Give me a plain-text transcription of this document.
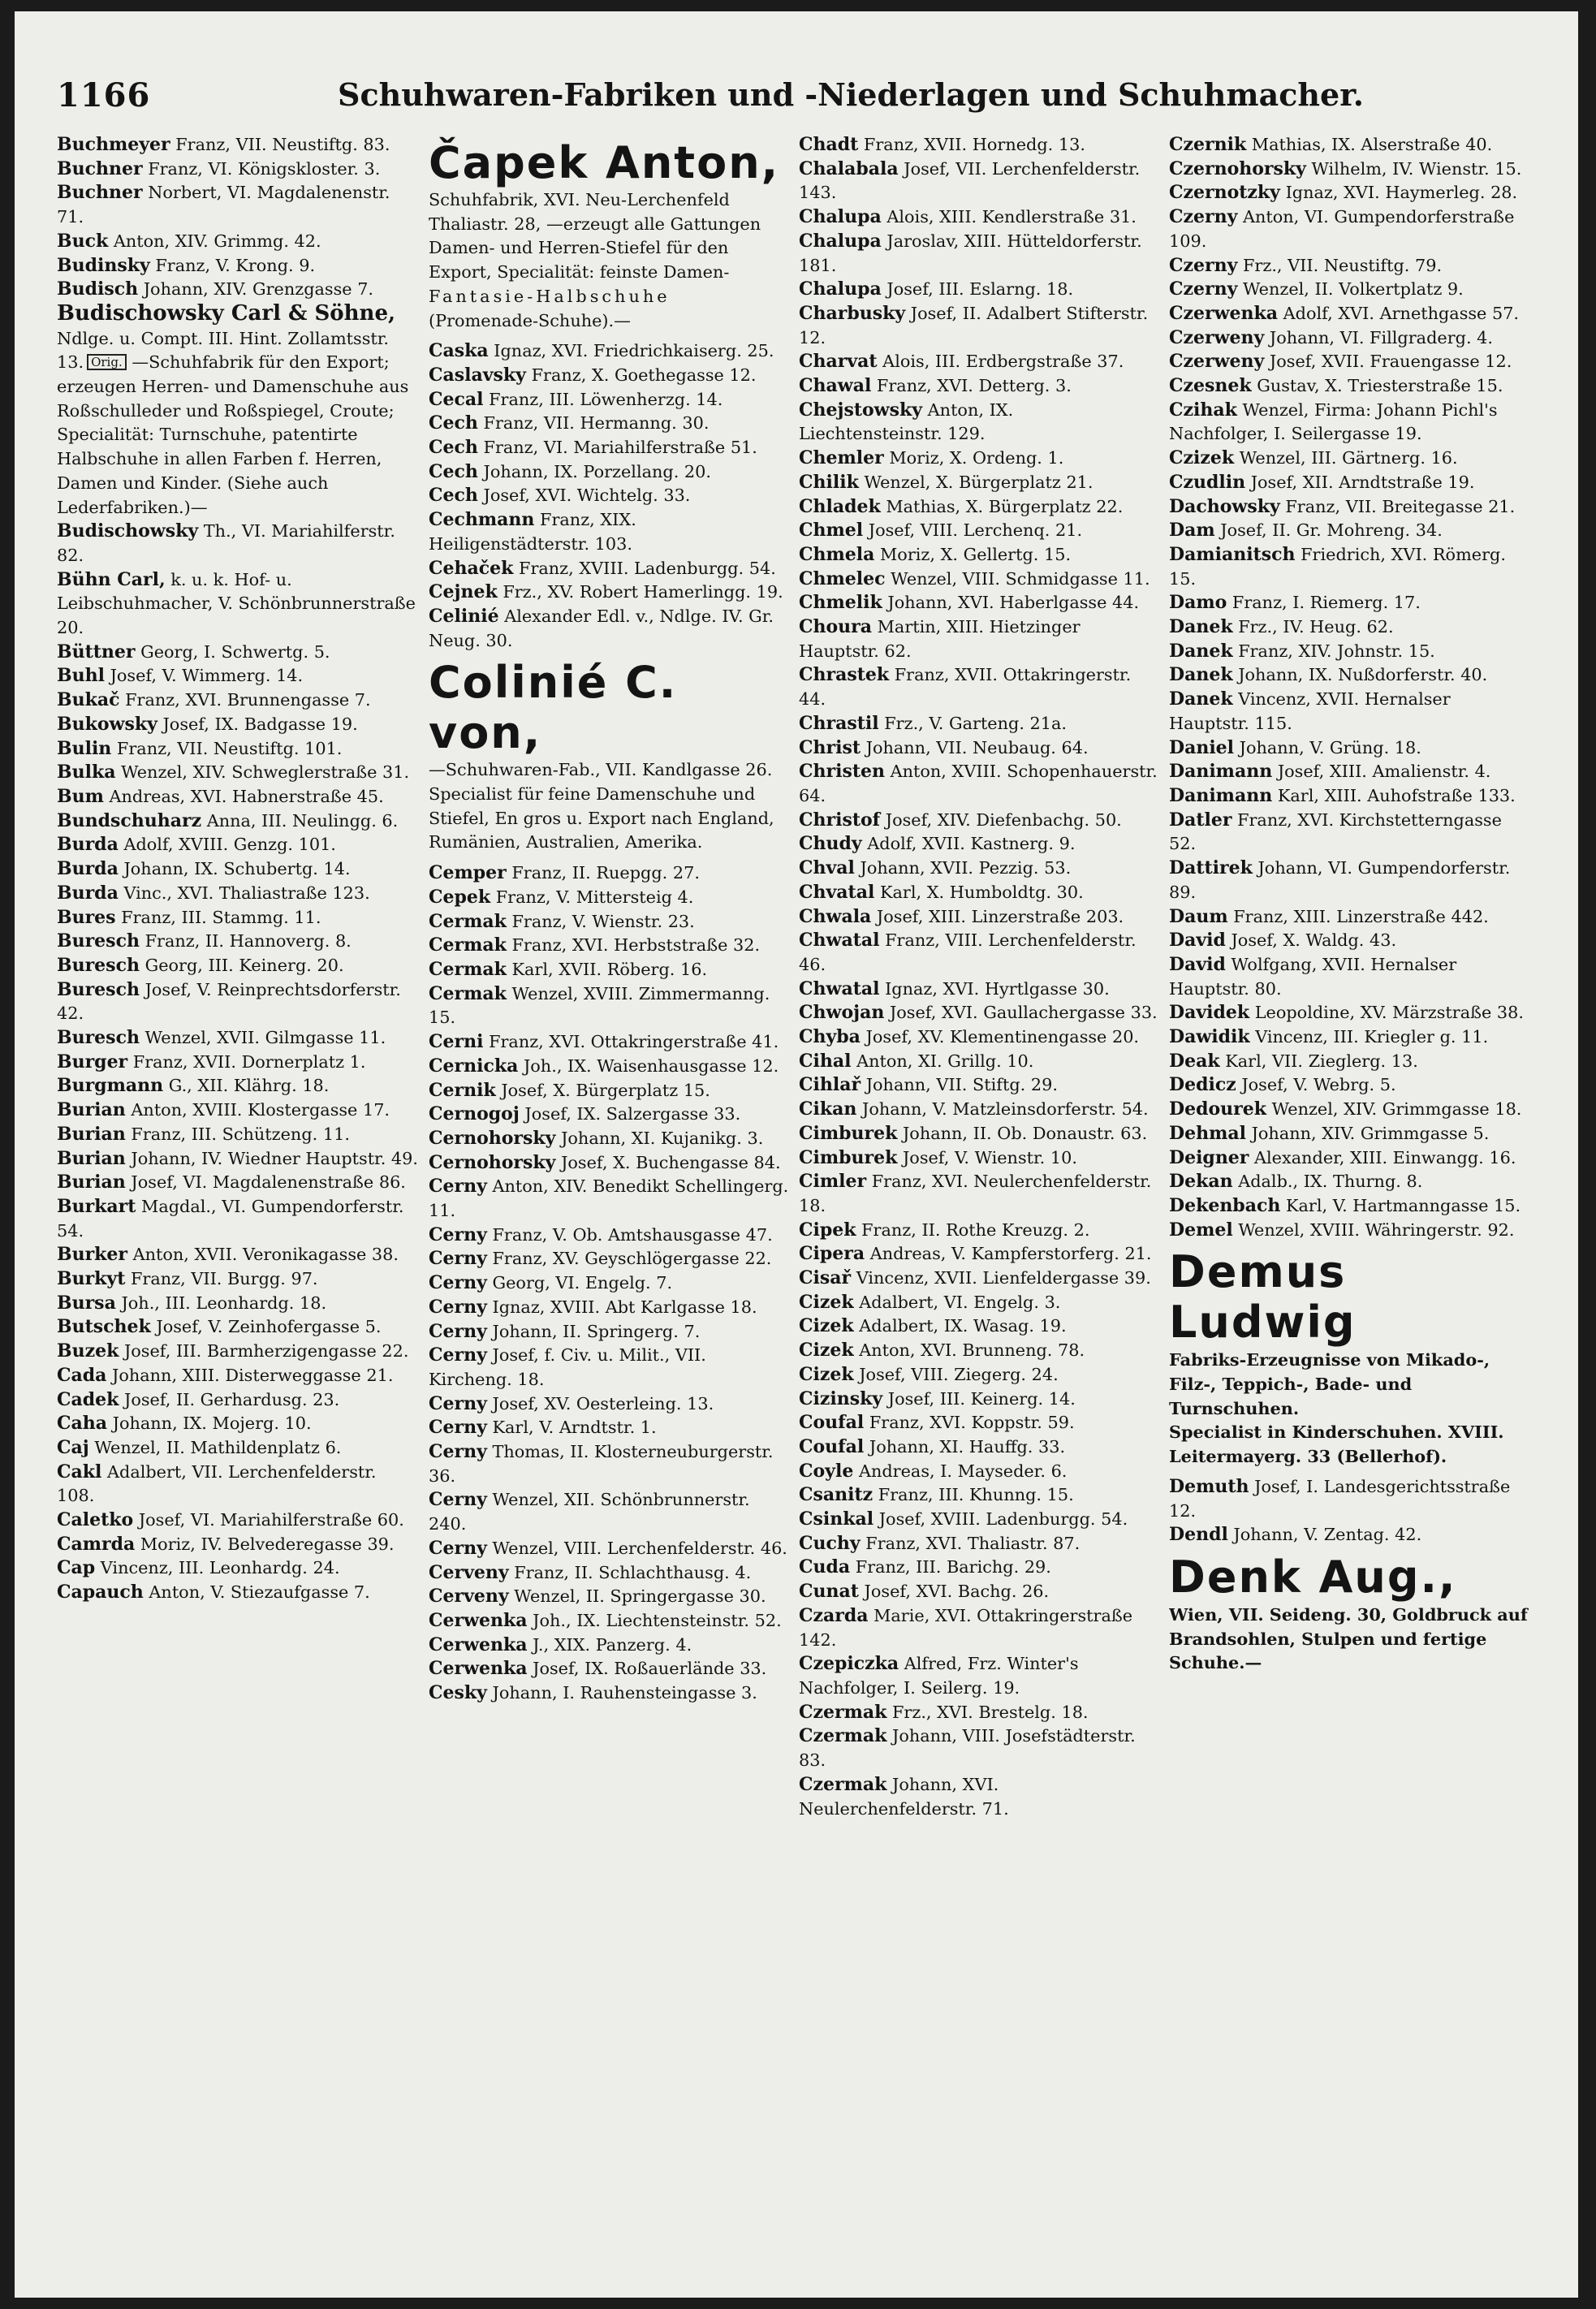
1166	Schuhwaren-Fabriken und -Niederlagen und Schuhmacher.

Buchmeyer Franz, VII. Neustiftg. 83.

Buchner Franz, VI. Königskloster. 3.

Buchner Norbert, VI. Magdalenenstr. 71.

Buck Anton, XIV. Grimmg. 42.

Budinsky Franz, V. Krong. 9.

Budisch Johann, XIV. Grenzgasse 7.

Budischowsky Carl & Söhne, Ndlge. u. Compt. III. Hint. Zollamtsstr. 13. Orig. —Schuhfabrik für den Export; erzeugen Herren- und Damenschuhe aus Roßschulleder und Roßspiegel, Croute; Specialität: Turnschuhe, patentirte Halbschuhe in allen Farben f. Herren, Damen und Kinder. (Siehe auch Lederfabriken.)—

Budischowsky Th., VI. Mariahilferstr. 82.

Bühn Carl, k. u. k. Hof- u. Leibschuhmacher, V. Schönbrunnerstraße 20.

Büttner Georg, I. Schwertg. 5.

Buhl Josef, V. Wimmerg. 14.

Bukač Franz, XVI. Brunnengasse 7.

Bukowsky Josef, IX. Badgasse 19.

Bulin Franz, VII. Neustiftg. 101.

Bulka Wenzel, XIV. Schweglerstraße 31.

Bum Andreas, XVI. Habnerstraße 45.

Bundschuharz Anna, III. Neulingg. 6.

Burda Adolf, XVIII. Genzg. 101.

Burda Johann, IX. Schubertg. 14.

Burda Vinc., XVI. Thaliastraße 123.

Bures Franz, III. Stammg. 11.

Buresch Franz, II. Hannoverg. 8.

Buresch Georg, III. Keinerg. 20.

Buresch Josef, V. Reinprechtsdorferstr. 42.

Buresch Wenzel, XVII. Gilmgasse 11.

Burger Franz, XVII. Dornerplatz 1.

Burgmann G., XII. Klährg. 18.

Burian Anton, XVIII. Klostergasse 17.

Burian Franz, III. Schützeng. 11.

Burian Johann, IV. Wiedner Hauptstr. 49.

Burian Josef, VI. Magdalenenstraße 86.

Burkart Magdal., VI. Gumpendorferstr. 54.

Burker Anton, XVII. Veronikagasse 38.

Burkyt Franz, VII. Burgg. 97.

Bursa Joh., III. Leonhardg. 18.

Butschek Josef, V. Zeinhofergasse 5.

Buzek Josef, III. Barmherzigengasse 22.

Cada Johann, XIII. Disterweggasse 21.

Cadek Josef, II. Gerhardusg. 23.

Caha Johann, IX. Mojerg. 10.

Caj Wenzel, II. Mathildenplatz 6.

Cakl Adalbert, VII. Lerchenfelderstr. 108.

Caletko Josef, VI. Mariahilferstraße 60.

Camrda Moriz, IV. Belvederegasse 39.

Cap Vincenz, III. Leonhardg. 24.

Capauch Anton, V. Stiezaufgasse 7.

Čapek Anton,
Schuhfabrik, XVI. Neu-Lerchenfeld Thaliastr. 28, —erzeugt alle Gattungen Damen- und Herren-Stiefel für den Export, Specialität: feinste Damen-
Fantasie-Halbschuhe
(Promenade-Schuhe).—

Caska Ignaz, XVI. Friedrichkaiserg. 25.

Caslavsky Franz, X. Goethegasse 12.

Cecal Franz, III. Löwenherzg. 14.

Cech Franz, VII. Hermanng. 30.

Cech Franz, VI. Mariahilferstraße 51.

Cech Johann, IX. Porzellang. 20.

Cech Josef, XVI. Wichtelg. 33.

Cechmann Franz, XIX. Heiligenstädterstr. 103.

Cehaček Franz, XVIII. Ladenburgg. 54.

Cejnek Frz., XV. Robert Hamerlingg. 19.

Celinié Alexander Edl. v., Ndlge. IV. Gr. Neug. 30.

Colinié C. von,
—Schuhwaren-Fab., VII. Kandlgasse 26. Specialist für feine Damenschuhe und Stiefel, En gros u. Export nach England, Rumänien, Australien, Amerika.

Cemper Franz, II. Ruepgg. 27.

Cepek Franz, V. Mittersteig 4.

Cermak Franz, V. Wienstr. 23.

Cermak Franz, XVI. Herbststraße 32.

Cermak Karl, XVII. Röberg. 16.

Cermak Wenzel, XVIII. Zimmermanng. 15.

Cerni Franz, XVI. Ottakringerstraße 41.

Cernicka Joh., IX. Waisenhausgasse 12.

Cernik Josef, X. Bürgerplatz 15.

Cernogoj Josef, IX. Salzergasse 33.

Cernohorsky Johann, XI. Kujanikg. 3.

Cernohorsky Josef, X. Buchengasse 84.

Cerny Anton, XIV. Benedikt Schellingerg. 11.

Cerny Franz, V. Ob. Amtshausgasse 47.

Cerny Franz, XV. Geyschlögergasse 22.

Cerny Georg, VI. Engelg. 7.

Cerny Ignaz, XVIII. Abt Karlgasse 18.

Cerny Johann, II. Springerg. 7.

Cerny Josef, f. Civ. u. Milit., VII. Kircheng. 18.

Cerny Josef, XV. Oesterleing. 13.

Cerny Karl, V. Arndtstr. 1.

Cerny Thomas, II. Klosterneuburgerstr. 36.

Cerny Wenzel, XII. Schönbrunnerstr. 240.

Cerny Wenzel, VIII. Lerchenfelderstr. 46.

Cerveny Franz, II. Schlachthausg. 4.

Cerveny Wenzel, II. Springergasse 30.

Cerwenka Joh., IX. Liechtensteinstr. 52.

Cerwenka J., XIX. Panzerg. 4.

Cerwenka Josef, IX. Roßauerlände 33.

Cesky Johann, I. Rauhensteingasse 3.

Chadt Franz, XVII. Hornedg. 13.

Chalabala Josef, VII. Lerchenfelderstr. 143.

Chalupa Alois, XIII. Kendlerstraße 31.

Chalupa Jaroslav, XIII. Hütteldorferstr. 181.

Chalupa Josef, III. Eslarng. 18.

Charbusky Josef, II. Adalbert Stifterstr. 12.

Charvat Alois, III. Erdbergstraße 37.

Chawal Franz, XVI. Detterg. 3.

Chejstowsky Anton, IX. Liechtensteinstr. 129.

Chemler Moriz, X. Ordeng. 1.

Chilik Wenzel, X. Bürgerplatz 21.

Chladek Mathias, X. Bürgerplatz 22.

Chmel Josef, VIII. Lerchenq. 21.

Chmela Moriz, X. Gellertg. 15.

Chmelec Wenzel, VIII. Schmidgasse 11.

Chmelik Johann, XVI. Haberlgasse 44.

Choura Martin, XIII. Hietzinger Hauptstr. 62.

Chrastek Franz, XVII. Ottakringerstr. 44.

Chrastil Frz., V. Garteng. 21a.

Christ Johann, VII. Neubaug. 64.

Christen Anton, XVIII. Schopenhauerstr. 64.

Christof Josef, XIV. Diefenbachg. 50.

Chudy Adolf, XVII. Kastnerg. 9.

Chval Johann, XVII. Pezzig. 53.

Chvatal Karl, X. Humboldtg. 30.

Chwala Josef, XIII. Linzerstraße 203.

Chwatal Franz, VIII. Lerchenfelderstr. 46.

Chwatal Ignaz, XVI. Hyrtlgasse 30.

Chwojan Josef, XVI. Gaullachergasse 33.

Chyba Josef, XV. Klementinengasse 20.

Cihal Anton, XI. Grillg. 10.

Cihlař Johann, VII. Stiftg. 29.

Cikan Johann, V. Matzleinsdorferstr. 54.

Cimburek Johann, II. Ob. Donaustr. 63.

Cimburek Josef, V. Wienstr. 10.

Cimler Franz, XVI. Neulerchenfelderstr. 18.

Cipek Franz, II. Rothe Kreuzg. 2.

Cipera Andreas, V. Kampferstorferg. 21.

Cisař Vincenz, XVII. Lienfeldergasse 39.

Cizek Adalbert, VI. Engelg. 3.

Cizek Adalbert, IX. Wasag. 19.

Cizek Anton, XVI. Brunneng. 78.

Cizek Josef, VIII. Ziegerg. 24.

Cizinsky Josef, III. Keinerg. 14.

Coufal Franz, XVI. Koppstr. 59.

Coufal Johann, XI. Hauffg. 33.

Coyle Andreas, I. Mayseder. 6.

Csanitz Franz, III. Khunng. 15.

Csinkal Josef, XVIII. Ladenburgg. 54.

Cuchy Franz, XVI. Thaliastr. 87.

Cuda Franz, III. Barichg. 29.

Cunat Josef, XVI. Bachg. 26.

Czarda Marie, XVI. Ottakringerstraße 142.

Czepiczka Alfred, Frz. Winter's Nachfolger, I. Seilerg. 19.

Czermak Frz., XVI. Brestelg. 18.

Czermak Johann, VIII. Josefstädterstr. 83.

Czermak Johann, XVI. Neulerchenfelderstr. 71.

Czernik Mathias, IX. Alserstraße 40.

Czernohorsky Wilhelm, IV. Wienstr. 15.

Czernotzky Ignaz, XVI. Haymerleg. 28.

Czerny Anton, VI. Gumpendorferstraße 109.

Czerny Frz., VII. Neustiftg. 79.

Czerny Wenzel, II. Volkertplatz 9.

Czerwenka Adolf, XVI. Arnethgasse 57.

Czerweny Johann, VI. Fillgraderg. 4.

Czerweny Josef, XVII. Frauengasse 12.

Czesnek Gustav, X. Triesterstraße 15.

Czihak Wenzel, Firma: Johann Pichl's Nachfolger, I. Seilergasse 19.

Czizek Wenzel, III. Gärtnerg. 16.

Czudlin Josef, XII. Arndtstraße 19.

Dachowsky Franz, VII. Breitegasse 21.

Dam Josef, II. Gr. Mohreng. 34.

Damianitsch Friedrich, XVI. Römerg. 15.

Damo Franz, I. Riemerg. 17.

Danek Frz., IV. Heug. 62.

Danek Franz, XIV. Johnstr. 15.

Danek Johann, IX. Nußdorferstr. 40.

Danek Vincenz, XVII. Hernalser Hauptstr. 115.

Daniel Johann, V. Grüng. 18.

Danimann Josef, XIII. Amalienstr. 4.

Danimann Karl, XIII. Auhofstraße 133.

Datler Franz, XVI. Kirchstetterngasse 52.

Dattirek Johann, VI. Gumpendorferstr. 89.

Daum Franz, XIII. Linzerstraße 442.

David Josef, X. Waldg. 43.

David Wolfgang, XVII. Hernalser Hauptstr. 80.

Davidek Leopoldine, XV. Märzstraße 38.

Dawidik Vincenz, III. Kriegler g. 11.

Deak Karl, VII. Zieglerg. 13.

Dedicz Josef, V. Webrg. 5.

Dedourek Wenzel, XIV. Grimmgasse 18.

Dehmal Johann, XIV. Grimmgasse 5.

Deigner Alexander, XIII. Einwangg. 16.

Dekan Adalb., IX. Thurng. 8.

Dekenbach Karl, V. Hartmanngasse 15.

Demel Wenzel, XVIII. Währingerstr. 92.

Demus Ludwig
Fabriks-Erzeugnisse von Mikado-, Filz-, Teppich-, Bade- und Turnschuhen.
Specialist in Kinderschuhen. XVIII. Leitermayerg. 33 (Bellerhof).

Demuth Josef, I. Landesgerichtsstraße 12.

Dendl Johann, V. Zentag. 42.

Denk Aug.,
Wien, VII. Seideng. 30, Goldbruck auf Brandsohlen, Stulpen und fertige Schuhe.—
